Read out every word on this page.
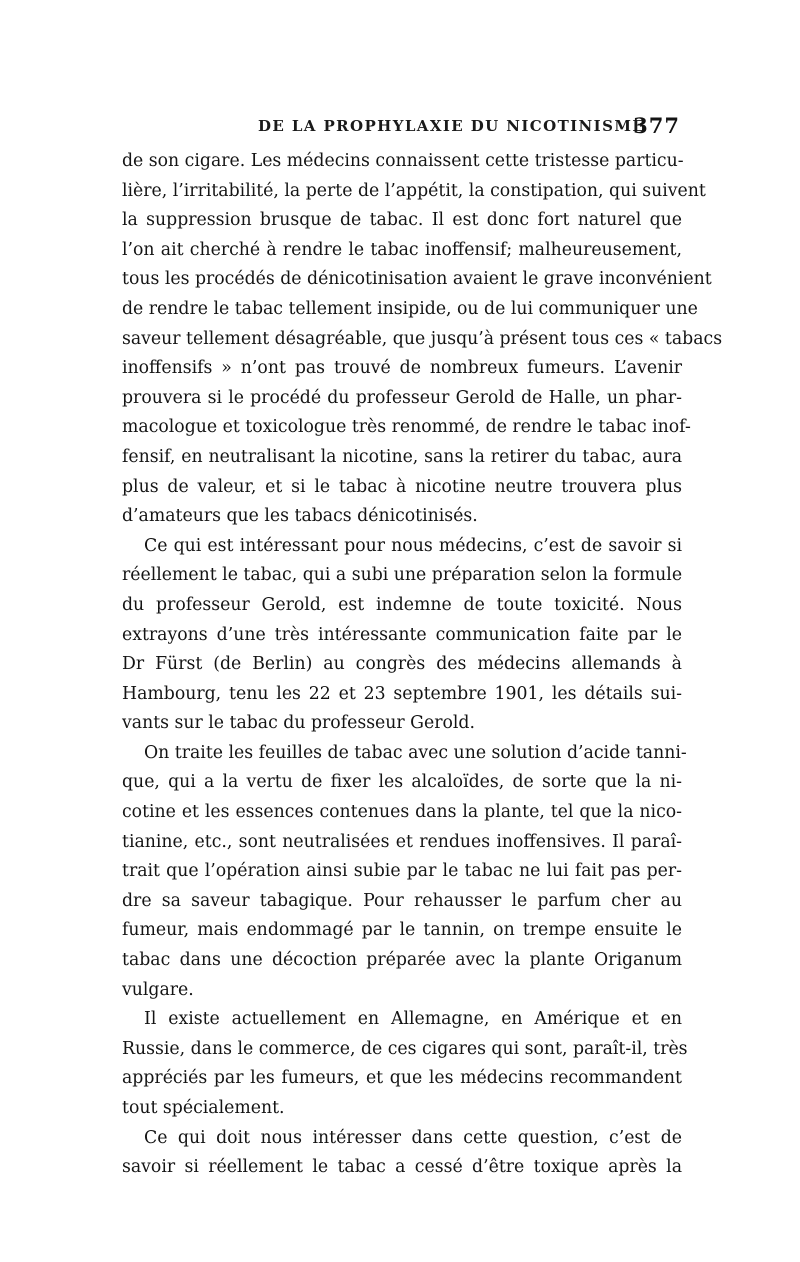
DE LA PROPHYLAXIE DU NICOTINISME
377
de son cigare. Les médecins connaissent cette tristesse particu-
lière, l’irritabilité, la perte de l’appétit, la constipation, qui suivent
la suppression brusque de tabac. Il est donc fort naturel que
l’on ait cherché à rendre le tabac inoffensif; malheureusement,
tous les procédés de dénicotinisation avaient le grave inconvénient
de rendre le tabac tellement insipide, ou de lui communiquer une
saveur tellement désagréable, que jusqu’à présent tous ces « tabacs
inoffensifs » n’ont pas trouvé de nombreux fumeurs. L’avenir
prouvera si le procédé du professeur Gerold de Halle, un phar-
macologue et toxicologue très renommé, de rendre le tabac inof-
fensif, en neutralisant la nicotine, sans la retirer du tabac, aura
plus de valeur, et si le tabac à nicotine neutre trouvera plus
d’amateurs que les tabacs dénicotinisés.
Ce qui est intéressant pour nous médecins, c’est de savoir si
réellement le tabac, qui a subi une préparation selon la formule
du professeur Gerold, est indemne de toute toxicité. Nous
extrayons d’une très intéressante communication faite par le
Dr Fürst (de Berlin) au congrès des médecins allemands à
Hambourg, tenu les 22 et 23 septembre 1901, les détails sui-
vants sur le tabac du professeur Gerold.
On traite les feuilles de tabac avec une solution d’acide tanni-
que, qui a la vertu de fixer les alcaloïdes, de sorte que la ni-
cotine et les essences contenues dans la plante, tel que la nico-
tianine, etc., sont neutralisées et rendues inoffensives. Il paraî-
trait que l’opération ainsi subie par le tabac ne lui fait pas per-
dre sa saveur tabagique. Pour rehausser le parfum cher au
fumeur, mais endommagé par le tannin, on trempe ensuite le
tabac dans une décoction préparée avec la plante Origanum
vulgare.
Il existe actuellement en Allemagne, en Amérique et en
Russie, dans le commerce, de ces cigares qui sont, paraît-il, très
appréciés par les fumeurs, et que les médecins recommandent
tout spécialement.
Ce qui doit nous intéresser dans cette question, c’est de
savoir si réellement le tabac a cessé d’être toxique après la
